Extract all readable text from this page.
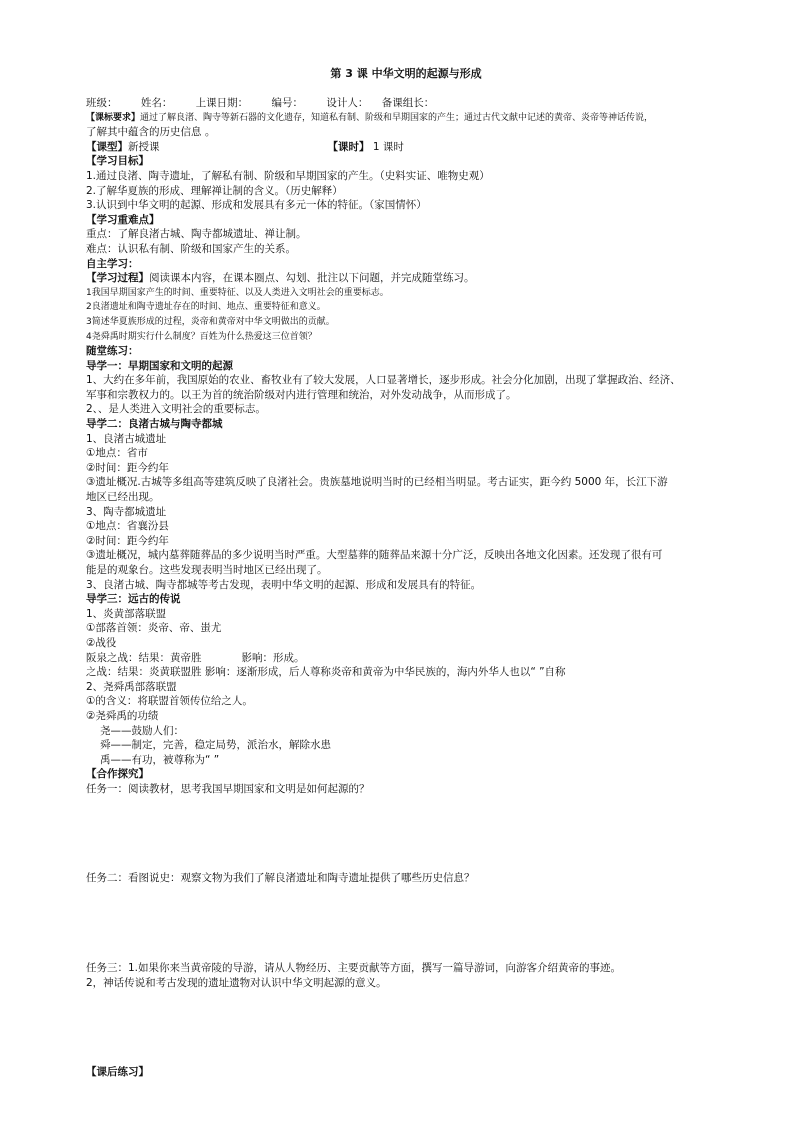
第 3 课 中华文明的起源与形成
班级： 姓名： 上课日期： 编号： 设计人： 备课组长：
【课标要求】通过了解良渚、陶寺等新石器的文化遗存，知道私有制、阶级和早期国家的产生；通过古代文献中记述的黄帝、炎帝等神话传说，
了解其中蕴含的历史信息 。
【课型】新授课	【课时】 1 课时
【学习目标】
1.通过良渚、陶寺遗址，了解私有制、阶级和早期国家的产生。（史料实证、唯物史观）
2.了解华夏族的形成、理解禅让制的含义。（历史解释）
3.认识到中华文明的起源、形成和发展具有多元一体的特征。（家国情怀）
【学习重难点】
重点：了解良渚古城、陶寺都城遗址、禅让制。
难点：认识私有制、阶级和国家产生的关系。
自主学习：
【学习过程】阅读课本内容，在课本圈点、勾划、批注以下问题，并完成随堂练习。
1我国早期国家产生的时间、重要特征、以及人类进入文明社会的重要标志。
2良渚遗址和陶寺遗址存在的时间、地点、重要特征和意义。
3简述华夏族形成的过程，炎帝和黄帝对中华文明做出的贡献。
4尧舜禹时期实行什么制度？百姓为什么热爱这三位首领？
随堂练习：
导学一：早期国家和文明的起源
1、大约在多年前，我国原始的农业、畜牧业有了较大发展，人口显著增长，逐步形成。社会分化加剧，出现了掌握政治、经济、
军事和宗教权力的。以王为首的统治阶级对内进行管理和统治，对外发动战争，从而形成了。
2、、是人类进入文明社会的重要标志。
导学二：良渚古城与陶寺都城
1、良渚古城遗址
①地点：省市
②时间：距今约年
③遗址概况.古城等多组高等建筑反映了良渚社会。贵族墓地说明当时的已经相当明显。考古证实，距今约 5000 年，长江下游
地区已经出现。
3、陶寺都城遗址
①地点：省襄汾县
②时间：距今约年
③遗址概况，城内墓葬随葬品的多少说明当时严重。大型墓葬的随葬品来源十分广泛，反映出各地文化因素。还发现了很有可
能是的观象台。这些发现表明当时地区已经出现了。
3、良渚古城、陶寺都城等考古发现，表明中华文明的起源、形成和发展具有的特征。
导学三：远古的传说
1、炎黄部落联盟
①部落首领：炎帝、帝、蚩尤
②战役
阪泉之战：结果：黄帝胜	影响：形成。
之战：结果：炎黄联盟胜 影响：逐渐形成，后人尊称炎帝和黄帝为中华民族的，海内外华人也以“ ”自称
2、尧舜禹部落联盟
①的含义：将联盟首领传位给之人。
②尧舜禹的功绩
尧——鼓励人们：
舜——制定，完善，稳定局势，派治水，解除水患
禹——有功，被尊称为“ ”
【合作探究】
任务一：阅读教材，思考我国早期国家和文明是如何起源的？
任务二：看图说史：观察文物为我们了解良渚遗址和陶寺遗址提供了哪些历史信息？
任务三：1.如果你来当黄帝陵的导游，请从人物经历、主要贡献等方面，撰写一篇导游词，向游客介绍黄帝的事迹。
2，神话传说和考古发现的遗址遗物对认识中华文明起源的意义。
【课后练习】
